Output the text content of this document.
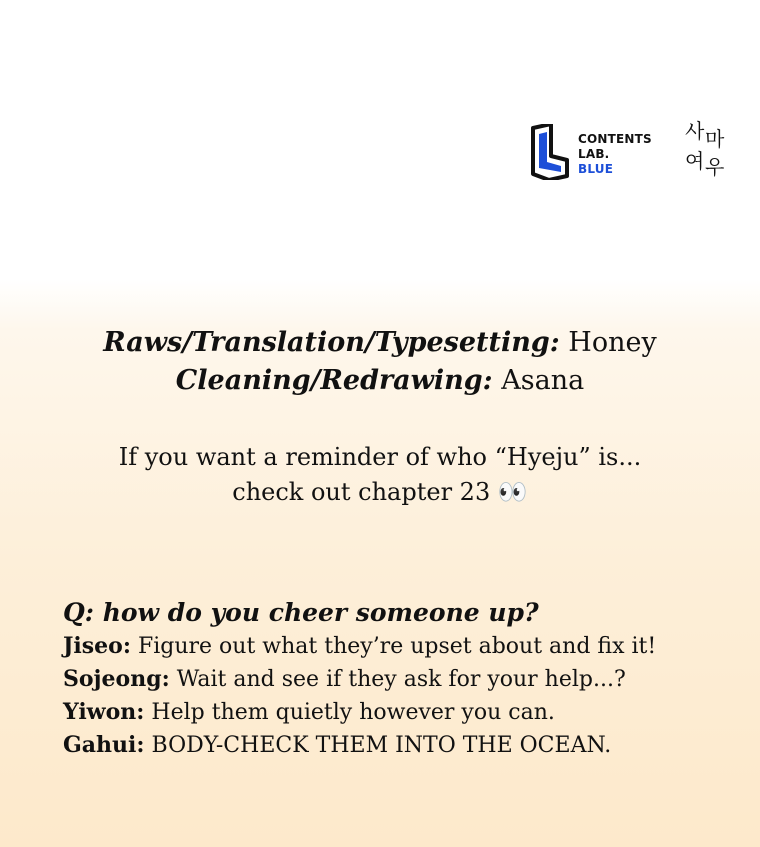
CONTENTS
LAB.
BLUE
사 마
여 우
Raws/Translation/Typesetting: Honey
Cleaning/Redrawing: Asana
If you want a reminder of who “Hyeju” is...
check out chapter 23 👀
Q: how do you cheer someone up?
Jiseo: Figure out what they’re upset about and fix it!
Sojeong: Wait and see if they ask for your help...?
Yiwon: Help them quietly however you can.
Gahui: BODY-CHECK THEM INTO THE OCEAN.
